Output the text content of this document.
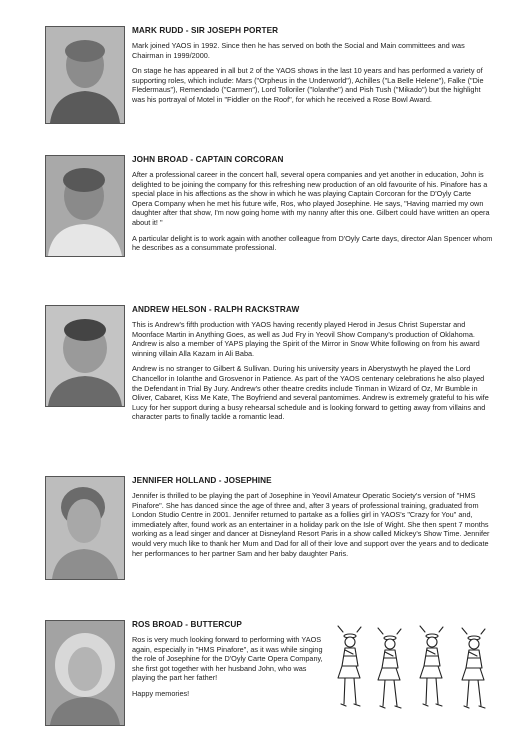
MARK RUDD - SIR JOSEPH PORTER

Mark joined YAOS in 1992. Since then he has served on both the Social and Main committees and was Chairman in 1999/2000.

On stage he has appeared in all but 2 of the YAOS shows in the last 10 years and has performed a variety of supporting roles, which include: Mars ("Orpheus in the Underworld"), Achilles ("La Belle Helene"), Falke ("Die Fledermaus"), Remendado ("Carmen"), Lord Tolloriler ("Iolanthe") and Pish Tush ("Mikado") but the highlight was his portrayal of Motel in "Fiddler on the Roof", for which he received a Rose Bowl Award.

JOHN BROAD - CAPTAIN CORCORAN

After a professional career in the concert hall, several opera companies and yet another in education, John is delighted to be joining the company for this refreshing new production of an old favourite of his. Pinafore has a special place in his affections as the show in which he was playing Captain Corcoran for the D'Oyly Carte Opera Company when he met his future wife, Ros, who played Josephine. He says, "Having married my own daughter after that show, I'm now going home with my nanny after this one. Gilbert could have written an opera about it! "

A particular delight is to work again with another colleague from D'Oyly Carte days, director Alan Spencer whom he describes as a consummate professional.

ANDREW HELSON - RALPH RACKSTRAW

This is Andrew's fifth production with YAOS having recently played Herod in Jesus Christ Superstar and Moonface Martin in Anything Goes, as well as Jud Fry in Yeovil Show Company's production of Oklahoma. Andrew is also a member of YAPS playing the Spirit of the Mirror in Snow White following on from his award winning villain Alla Kazam in Ali Baba.

Andrew is no stranger to Gilbert & Sullivan. During his university years in Aberystwyth he played the Lord Chancellor in Iolanthe and Grosvenor in Patience. As part of the YAOS centenary celebrations he also played the Defendant in Trial By Jury. Andrew's other theatre credits include Tinman in Wizard of Oz, Mr Bumble in Oliver, Cabaret, Kiss Me Kate, The Boyfriend and several pantomimes. Andrew is extremely grateful to his wife Lucy for her support during a busy rehearsal schedule and is looking forward to getting away from villains and character parts to finally tackle a romantic lead.

JENNIFER HOLLAND - JOSEPHINE

Jennifer is thrilled to be playing the part of Josephine in Yeovil Amateur Operatic Society's version of "HMS Pinafore". She has danced since the age of three and, after 3 years of professional training, graduated from London Studio Centre in 2001. Jennifer returned to partake as a follies girl in YAOS's "Crazy for You" and, immediately after, found work as an entertainer in a holiday park on the Isle of Wight. She then spent 7 months working as a lead singer and dancer at Disneyland Resort Paris in a show called Mickey's Show Time. Jennifer would very much like to thank her Mum and Dad for all of their love and support over the years and to dedicate her performances to her partner Sam and her baby daughter Paris.

ROS BROAD - BUTTERCUP

Ros is very much looking forward to performing with YAOS again, especially in "HMS Pinafore", as it was while singing the role of Josephine for the D'Oyly Carte Opera Company, she first got together with her husband John, who was playing the part her father!

Happy memories!
